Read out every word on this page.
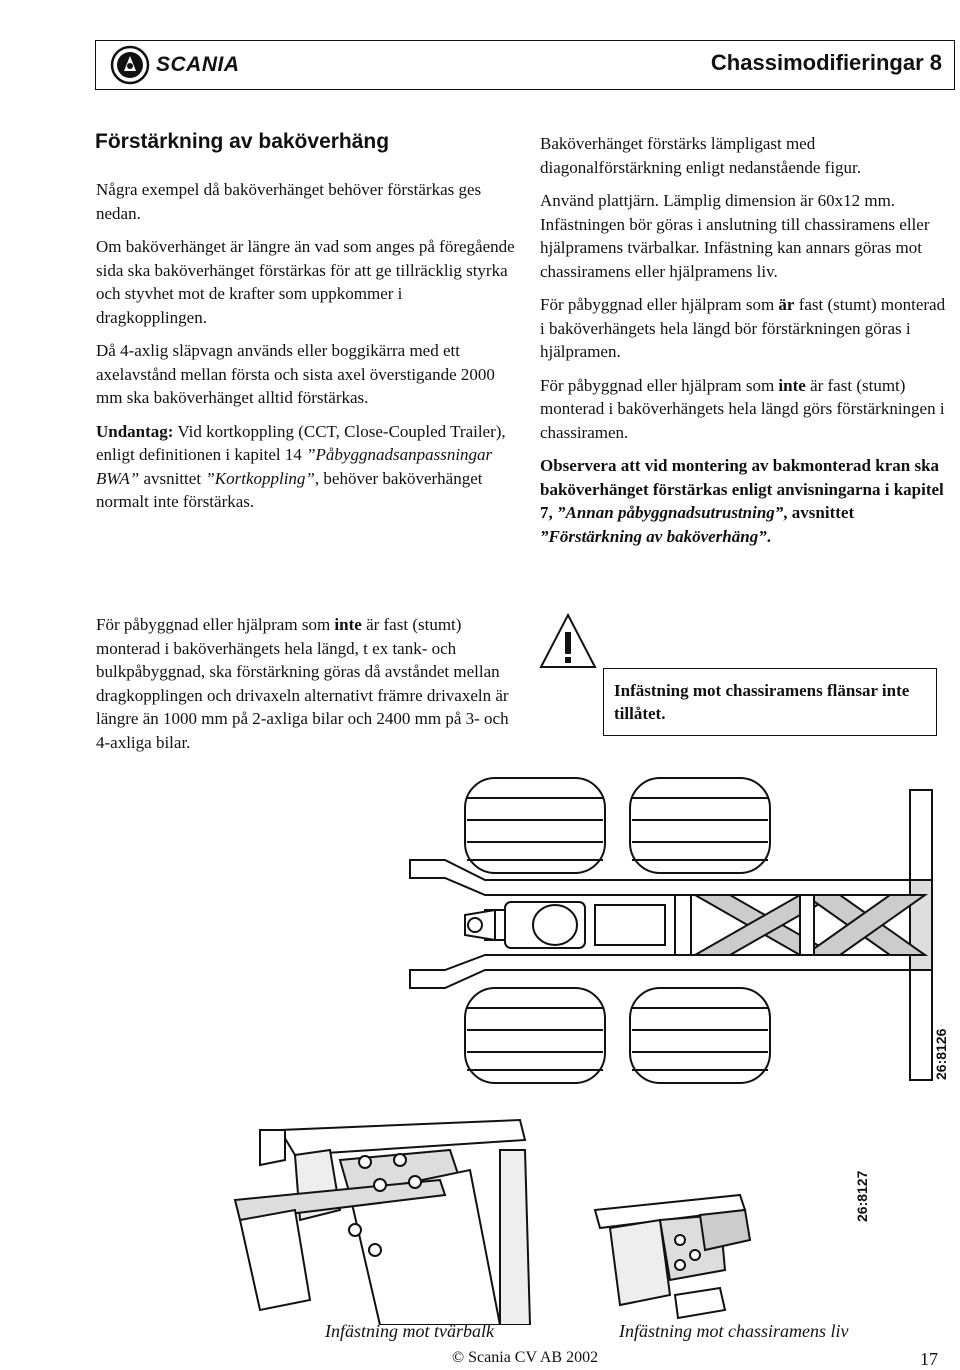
SCANIA	Chassimodifieringar 8
Förstärkning av baköverhäng

Några exempel då baköverhänget behöver förstärkas ges nedan.

Om baköverhänget är längre än vad som anges på föregående sida ska baköverhänget förstärkas för att ge tillräcklig styrka och styvhet mot de krafter som uppkommer i dragkopplingen.

Då 4-axlig släpvagn används eller boggikärra med ett axelavstånd mellan första och sista axel överstigande 2000 mm ska baköverhänget alltid förstärkas.

Undantag: Vid kortkoppling (CCT, Close-Coupled Trailer), enligt definitionen i kapitel 14 ”Påbyggnadsanpassningar BWA” avsnittet ”Kortkoppling”, behöver baköverhänget normalt inte förstärkas.

För påbyggnad eller hjälpram som inte är fast (stumt) monterad i baköverhängets hela längd, t ex tank- och bulkpåbyggnad, ska förstärkning göras då avståndet mellan dragkopplingen och drivaxeln alternativt främre drivaxeln är längre än 1000 mm på 2-axliga bilar och 2400 mm på 3- och 4-axliga bilar.

Baköverhänget förstärks lämpligast med diagonalförstärkning enligt nedanstående figur.

Använd plattjärn. Lämplig dimension är 60x12 mm. Infästningen bör göras i anslutning till chassiramens eller hjälpramens tvärbalkar. Infästning kan annars göras mot chassiramens eller hjälpramens liv.

För påbyggnad eller hjälpram som är fast (stumt) monterad i baköverhängets hela längd bör förstärkningen göras i hjälpramen.

För påbyggnad eller hjälpram som inte är fast (stumt) monterad i baköverhängets hela längd görs förstärkningen i chassiramen.

Observera att vid montering av bakmonterad kran ska baköverhänget förstärkas enligt anvisningarna i kapitel 7, ”Annan påbyggnadsutrustning”, avsnittet ”Förstärkning av baköverhäng”.

Infästning mot chassiramens flänsar inte tillåtet.
26:8126
26:8127
Infästning mot tvärbalk	Infästning mot chassiramens liv
© Scania CV AB 2002	17
